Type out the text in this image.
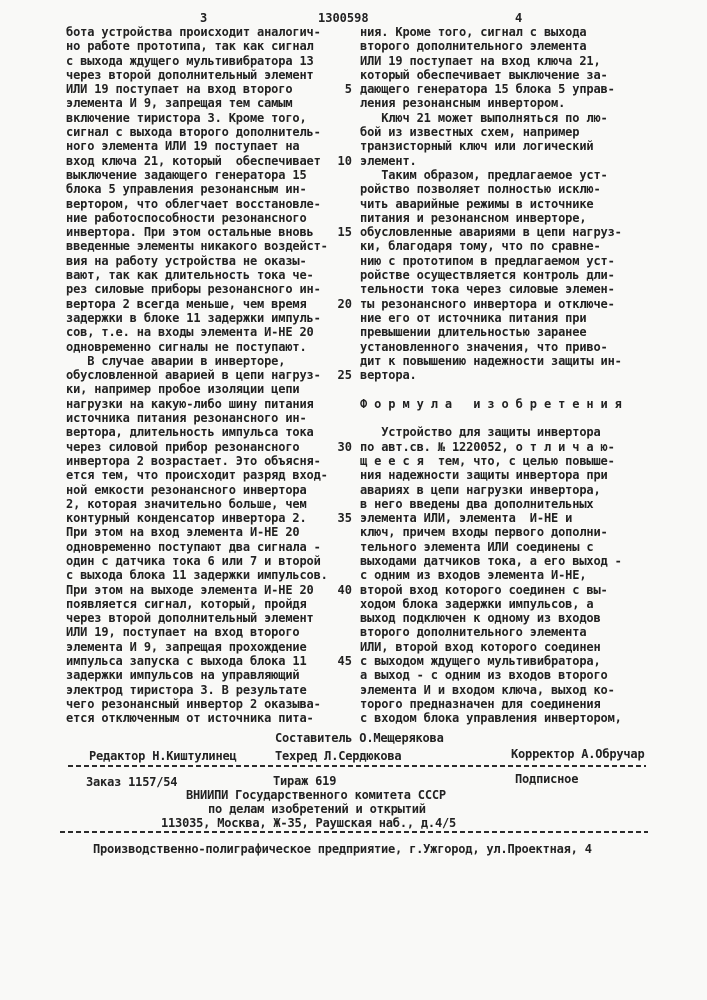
3	1300598	4
бота устройства происходит аналогич-
но работе прототипа, так как сигнал
с выхода ждущего мультивибратора 13
через второй дополнительный элемент
ИЛИ 19 поступает на вход второго
элемента И 9, запрещая тем самым
включение тиристора 3. Кроме того,
сигнал с выхода второго дополнитель-
ного элемента ИЛИ 19 поступает на
вход ключа 21, который  обеспечивает
выключение задающего генератора 15
блока 5 управления резонансным ин-
вертором, что облегчает восстановле-
ние работоспособности резонансного
инвертора. При этом остальные вновь
введенные элементы никакого воздейст-
вия на работу устройства не оказы-
вают, так как длительность тока че-
рез силовые приборы резонансного ин-
вертора 2 всегда меньше, чем время
задержки в блоке 11 задержки импуль-
сов, т.е. на входы элемента И-НЕ 20
одновременно сигналы не поступают.
В случае аварии в инверторе,
обусловленной аварией в цепи нагруз-
ки, например пробое изоляции цепи
нагрузки на какую-либо шину питания
источника питания резонансного ин-
вертора, длительность импульса тока
через силовой прибор резонансного
инвертора 2 возрастает. Это объясня-
ется тем, что происходит разряд вход-
ной емкости резонансного инвертора
2, которая значительно больше, чем
контурный конденсатор инвертора 2.
При этом на вход элемента И-НЕ 20
одновременно поступают два сигнала -
один с датчика тока 6 или 7 и второй
с выхода блока 11 задержки импульсов.
При этом на выходе элемента И-НЕ 20
появляется сигнал, который, пройдя
через второй дополнительный элемент
ИЛИ 19, поступает на вход второго
элемента И 9, запрещая прохождение
импульса запуска с выхода блока 11
задержки импульсов на управляющий
электрод тиристора 3. В результате
чего резонансный инвертор 2 оказыва-
ется отключенным от источника пита-
5
10
15
20
25
30
35
40
45
ния. Кроме того, сигнал с выхода
второго дополнительного элемента
ИЛИ 19 поступает на вход ключа 21,
который обеспечивает выключение за-
дающего генератора 15 блока 5 управ-
ления резонансным инвертором.
Ключ 21 может выполняться по лю-
бой из известных схем, например
транзисторный ключ или логический
элемент.
Таким образом, предлагаемое уст-
ройство позволяет полностью исклю-
чить аварийные режимы в источнике
питания и резонансном инверторе,
обусловленные авариями в цепи нагруз-
ки, благодаря тому, что по сравне-
нию с прототипом в предлагаемом уст-
ройстве осуществляется контроль дли-
тельности тока через силовые элемен-
ты резонансного инвертора и отключе-
ние его от источника питания при
превышении длительностью заранее
установленного значения, что приво-
дит к повышению надежности защиты ин-
вертора.

Ф о р м у л а   и з о б р е т е н и я

Устройство для защиты инвертора
по авт.св. № 1220052, о т л и ч а ю-
щ е е с я  тем, что, с целью повыше-
ния надежности защиты инвертора при
авариях в цепи нагрузки инвертора,
в него введены два дополнительных
элемента ИЛИ, элемента  И-НЕ и
ключ, причем входы первого дополни-
тельного элемента ИЛИ соединены с
выходами датчиков тока, а его выход -
с одним из входов элемента И-НЕ,
второй вход которого соединен с вы-
ходом блока задержки импульсов, а
выход подключен к одному из входов
второго дополнительного элемента
ИЛИ, второй вход которого соединен
с выходом ждущего мультивибратора,
а выход - с одним из входов второго
элемента И и входом ключа, выход ко-
торого предназначен для соединения
с входом блока управления инвертором,
Составитель О.Мещерякова
Редактор Н.Киштулинец	Техред Л.Сердюкова	Корректор А.Обручар
Заказ 1157/54	Тираж 619	Подписное
ВНИИПИ Государственного комитета СССР
по делам изобретений и открытий
113035, Москва, Ж-35, Раушская наб., д.4/5
Производственно-полиграфическое предприятие, г.Ужгород, ул.Проектная, 4
